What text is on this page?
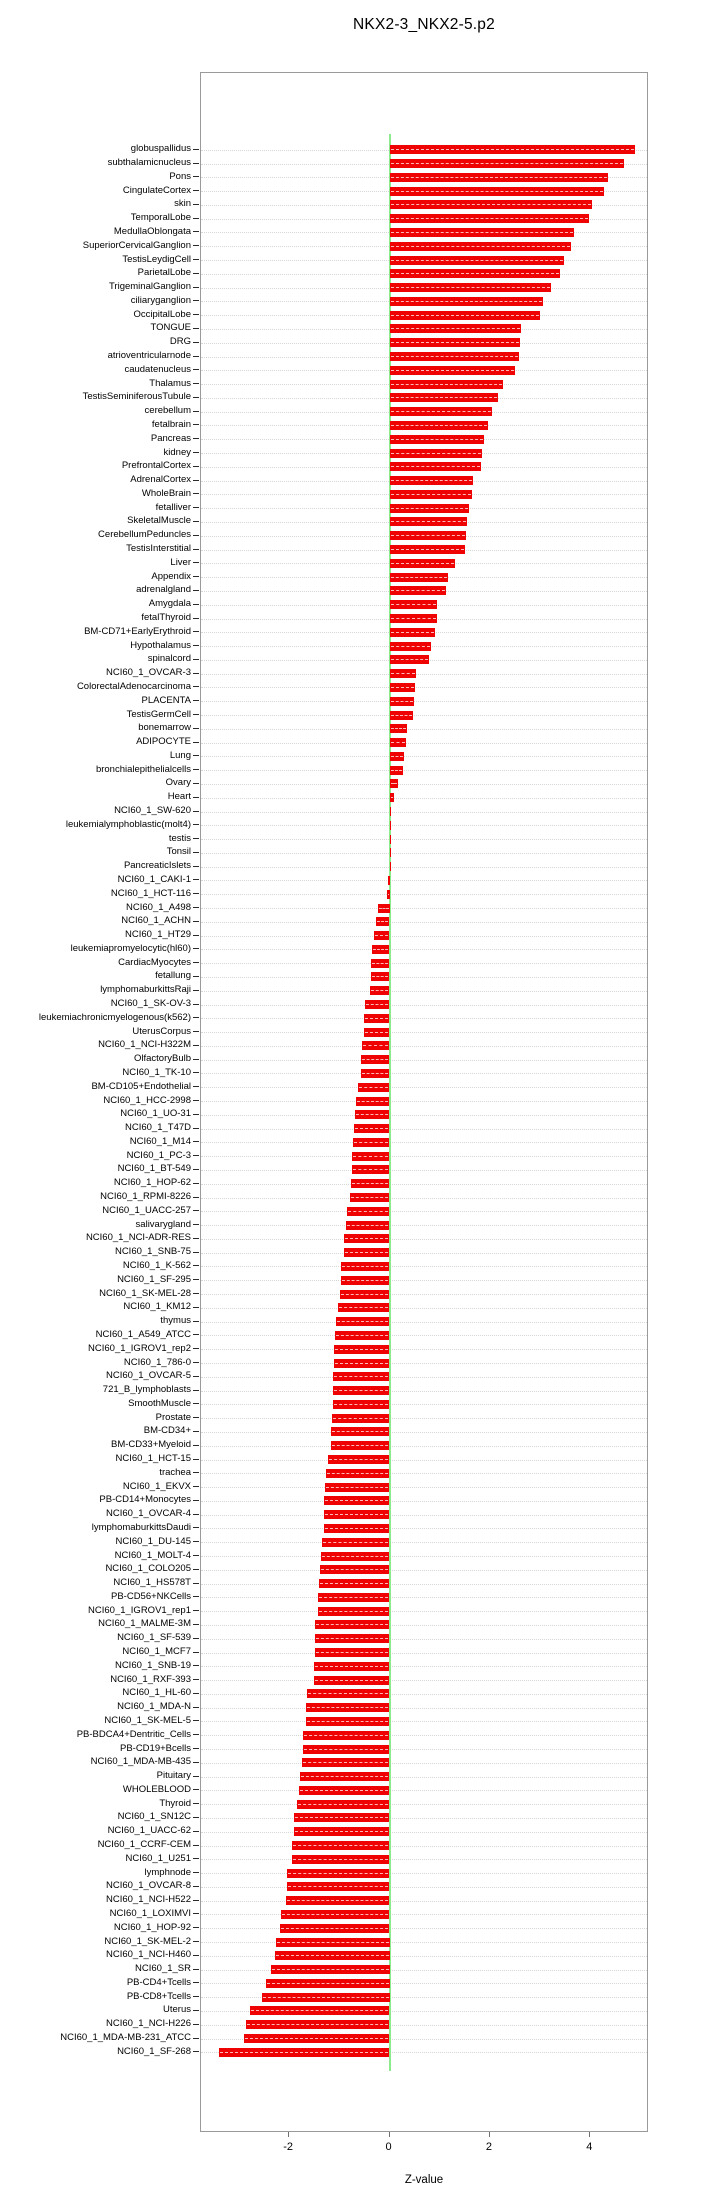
NKX2-3_NKX2-5.p2
globuspallidus
subthalamicnucleus
Pons
CingulateCortex
skin
TemporalLobe
MedullaOblongata
SuperiorCervicalGanglion
TestisLeydigCell
ParietalLobe
TrigeminalGanglion
ciliaryganglion
OccipitalLobe
TONGUE
DRG
atrioventricularnode
caudatenucleus
Thalamus
TestisSeminiferousTubule
cerebellum
fetalbrain
Pancreas
kidney
PrefrontalCortex
AdrenalCortex
WholeBrain
fetalliver
SkeletalMuscle
CerebellumPeduncles
TestisInterstitial
Liver
Appendix
adrenalgland
Amygdala
fetalThyroid
BM-CD71+EarlyErythroid
Hypothalamus
spinalcord
NCI60_1_OVCAR-3
ColorectalAdenocarcinoma
PLACENTA
TestisGermCell
bonemarrow
ADIPOCYTE
Lung
bronchialepithelialcells
Ovary
Heart
NCI60_1_SW-620
leukemialymphoblastic(molt4)
testis
Tonsil
PancreaticIslets
NCI60_1_CAKI-1
NCI60_1_HCT-116
NCI60_1_A498
NCI60_1_ACHN
NCI60_1_HT29
leukemiapromyelocytic(hl60)
CardiacMyocytes
fetallung
lymphomaburkittsRaji
NCI60_1_SK-OV-3
leukemiachronicmyelogenous(k562)
UterusCorpus
NCI60_1_NCI-H322M
OlfactoryBulb
NCI60_1_TK-10
BM-CD105+Endothelial
NCI60_1_HCC-2998
NCI60_1_UO-31
NCI60_1_T47D
NCI60_1_M14
NCI60_1_PC-3
NCI60_1_BT-549
NCI60_1_HOP-62
NCI60_1_RPMI-8226
NCI60_1_UACC-257
salivarygland
NCI60_1_NCI-ADR-RES
NCI60_1_SNB-75
NCI60_1_K-562
NCI60_1_SF-295
NCI60_1_SK-MEL-28
NCI60_1_KM12
thymus
NCI60_1_A549_ATCC
NCI60_1_IGROV1_rep2
NCI60_1_786-0
NCI60_1_OVCAR-5
721_B_lymphoblasts
SmoothMuscle
Prostate
BM-CD34+
BM-CD33+Myeloid
NCI60_1_HCT-15
trachea
NCI60_1_EKVX
PB-CD14+Monocytes
NCI60_1_OVCAR-4
lymphomaburkittsDaudi
NCI60_1_DU-145
NCI60_1_MOLT-4
NCI60_1_COLO205
NCI60_1_HS578T
PB-CD56+NKCells
NCI60_1_IGROV1_rep1
NCI60_1_MALME-3M
NCI60_1_SF-539
NCI60_1_MCF7
NCI60_1_SNB-19
NCI60_1_RXF-393
NCI60_1_HL-60
NCI60_1_MDA-N
NCI60_1_SK-MEL-5
PB-BDCA4+Dentritic_Cells
PB-CD19+Bcells
NCI60_1_MDA-MB-435
Pituitary
WHOLEBLOOD
Thyroid
NCI60_1_SN12C
NCI60_1_UACC-62
NCI60_1_CCRF-CEM
NCI60_1_U251
lymphnode
NCI60_1_OVCAR-8
NCI60_1_NCI-H522
NCI60_1_LOXIMVI
NCI60_1_HOP-92
NCI60_1_SK-MEL-2
NCI60_1_NCI-H460
NCI60_1_SR
PB-CD4+Tcells
PB-CD8+Tcells
Uterus
NCI60_1_NCI-H226
NCI60_1_MDA-MB-231_ATCC
NCI60_1_SF-268
-2	0	2	4
Z-value
